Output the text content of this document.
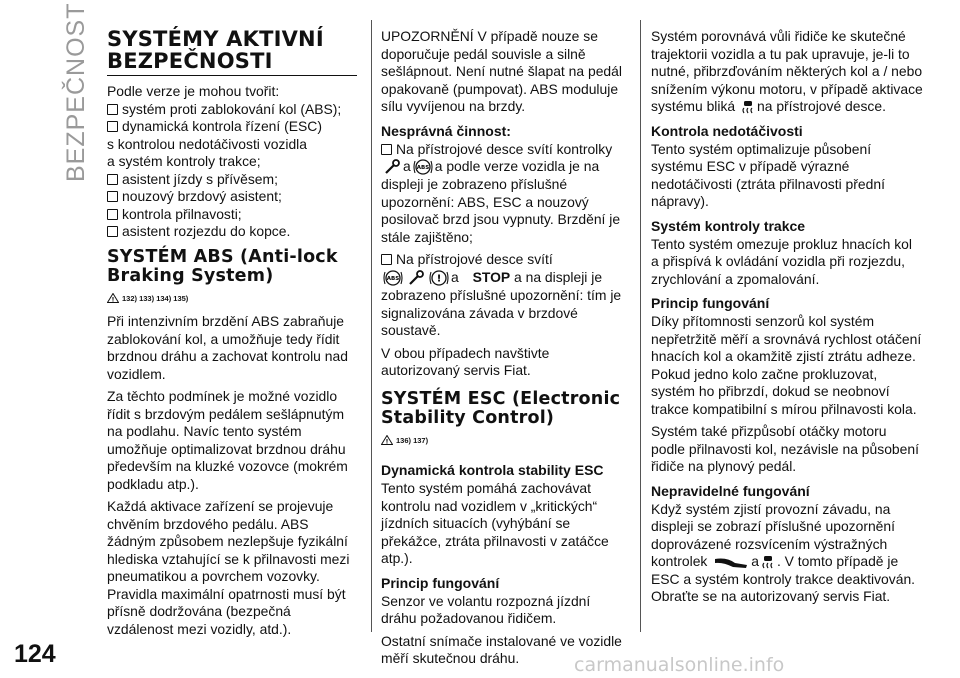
BEZPEČNOST SYSTÉMY AKTIVNÍ BEZPEČNOSTI

Podle verze je mohou tvořit:

systém proti zablokování kol (ABS);
dynamická kontrola řízení (ESC)

s kontrolou nedotáčivosti vozidla

a systém kontroly trakce;

asistent jízdy s přívěsem;
nouzový brzdový asistent;
kontrola přilnavosti;
asistent rozjezdu do kopce.
SYSTÉM ABS (Anti-lock Braking System)
! 132) 133) 134) 135)

Při intenzivním brzdění ABS zabraňuje zablokování kol, a umožňuje tedy řídit brzdnou dráhu a zachovat kontrolu nad vozidlem.

Za těchto podmínek je možné vozidlo řídit s brzdovým pedálem sešlápnutým na podlahu. Navíc tento systém umožňuje optimalizovat brzdnou dráhu především na kluzké vozovce (mokrém podkladu atp.).

Každá aktivace zařízení se projevuje chvěním brzdového pedálu. ABS žádným způsobem nezlepšuje fyzikální hlediska vztahující se k přilnavosti mezi pneumatikou a povrchem vozovky. Pravidla maximální opatrnosti musí být přísně dodržována (bezpečná vzdálenost mezi vozidly, atd.).

UPOZORNĚNÍ V případě nouze se doporučuje pedál souvisle a silně sešlápnout. Není nutné šlapat na pedál opakovaně (pumpovat). ABS moduluje sílu vyvíjenou na brzdy.

Nesprávná činnost:
Na přístrojové desce svítí kontrolky

a ABS a podle verze vozidla je na displeji je zobrazeno příslušné upozornění: ABS, ESC a nouzový posilovač brzd jsou vypnuty. Brzdění je stále zajištěno;

Na přístrojové desce svítí

ABS	! a STOP a na displeji je zobrazeno příslušné upozornění: tím je signalizována závada v brzdové soustavě.

V obou případech navštivte autorizovaný servis Fiat.

SYSTÉM ESC (Electronic Stability Control)
! 136) 137)
Dynamická kontrola stability ESC

Tento systém pomáhá zachovávat kontrolu nad vozidlem v „kritických“ jízdních situacích (vyhýbání se překážce, ztráta přilnavosti v zatáčce atp.).

Princip fungování

Senzor ve volantu rozpozná jízdní dráhu požadovanou řidičem.

Ostatní snímače instalované ve vozidle měří skutečnou dráhu.

Systém porovnává vůli řidiče ke skutečné trajektorii vozidla a tu pak upravuje, je-li to nutné, přibrzďováním některých kol a / nebo snížením výkonu motoru, v případě aktivace systému bliká na přístrojové desce.

Kontrola nedotáčivosti

Tento systém optimalizuje působení systému ESC v případě výrazné nedotáčivosti (ztráta přilnavosti přední nápravy).

Systém kontroly trakce

Tento systém omezuje prokluz hnacích kol a přispívá k ovládání vozidla při rozjezdu, zrychlování a zpomalování.

Princip fungování

Díky přítomnosti senzorů kol systém nepřetržitě měří a srovnává rychlost otáčení hnacích kol a okamžitě zjistí ztrátu adheze. Pokud jedno kolo začne prokluzovat, systém ho přibrzdí, dokud se neobnoví trakce kompatibilní s mírou přilnavosti kola.

Systém také přizpůsobí otáčky motoru podle přilnavosti kol, nezávisle na působení řidiče na plynový pedál.

Nepravidelné fungování

Když systém zjistí provozní závadu, na displeji se zobrazí příslušné upozornění doprovázené rozsvícením výstražných kontrolek	a . V tomto případě je ESC a systém kontroly trakce deaktivován. Obraťte se na autorizovaný servis Fiat.

124	carmanualsonline.info
